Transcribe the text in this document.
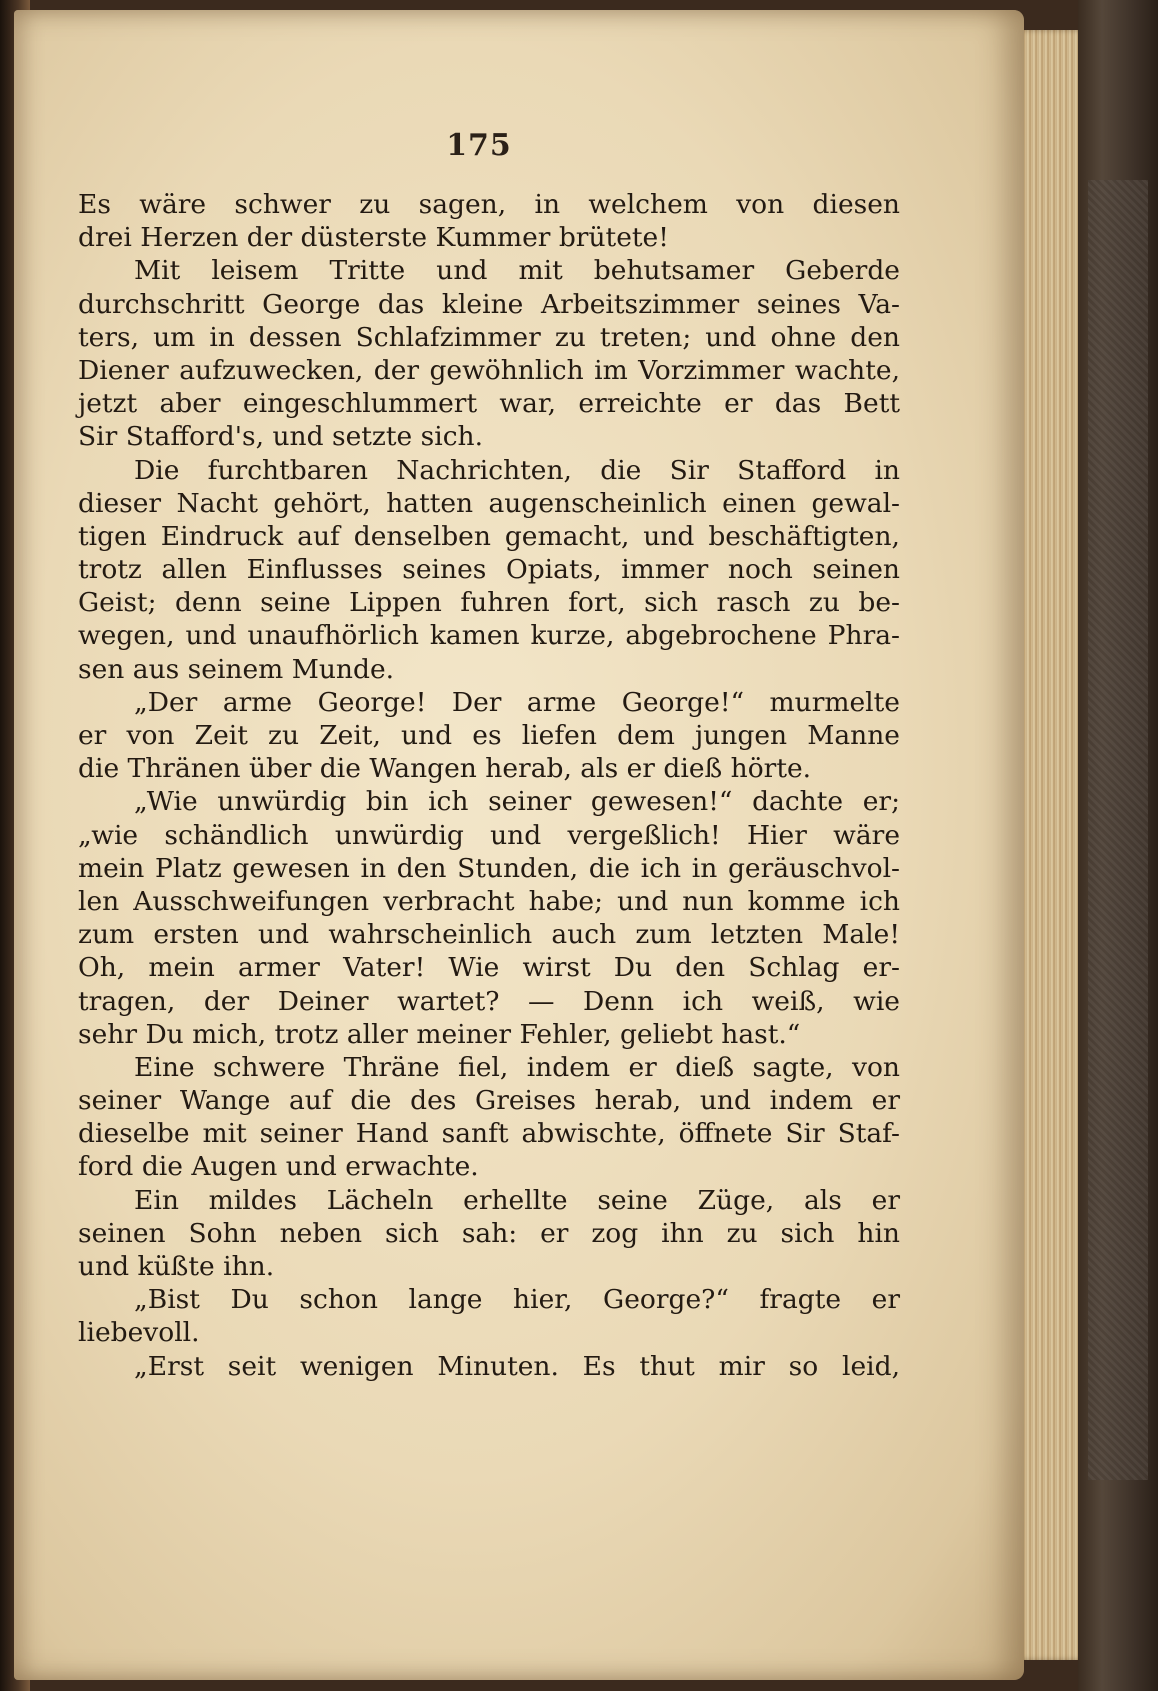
175
Es wäre schwer zu sagen, in welchem von diesen
drei Herzen der düsterste Kummer brütete!
Mit leisem Tritte und mit behutsamer Geberde
durchschritt George das kleine Arbeitszimmer seines Va-
ters, um in dessen Schlafzimmer zu treten; und ohne den
Diener aufzuwecken, der gewöhnlich im Vorzimmer wachte,
jetzt aber eingeschlummert war, erreichte er das Bett
Sir Stafford's, und setzte sich.
Die furchtbaren Nachrichten, die Sir Stafford in
dieser Nacht gehört, hatten augenscheinlich einen gewal-
tigen Eindruck auf denselben gemacht, und beschäftigten,
trotz allen Einflusses seines Opiats, immer noch seinen
Geist; denn seine Lippen fuhren fort, sich rasch zu be-
wegen, und unaufhörlich kamen kurze, abgebrochene Phra-
sen aus seinem Munde.
„Der arme George! Der arme George!“ murmelte
er von Zeit zu Zeit, und es liefen dem jungen Manne
die Thränen über die Wangen herab, als er dieß hörte.
„Wie unwürdig bin ich seiner gewesen!“ dachte er;
„wie schändlich unwürdig und vergeßlich! Hier wäre
mein Platz gewesen in den Stunden, die ich in geräuschvol-
len Ausschweifungen verbracht habe; und nun komme ich
zum ersten und wahrscheinlich auch zum letzten Male!
Oh, mein armer Vater! Wie wirst Du den Schlag er-
tragen, der Deiner wartet? — Denn ich weiß, wie
sehr Du mich, trotz aller meiner Fehler, geliebt hast.“
Eine schwere Thräne fiel, indem er dieß sagte, von
seiner Wange auf die des Greises herab, und indem er
dieselbe mit seiner Hand sanft abwischte, öffnete Sir Staf-
ford die Augen und erwachte.
Ein mildes Lächeln erhellte seine Züge, als er
seinen Sohn neben sich sah: er zog ihn zu sich hin
und küßte ihn.
„Bist Du schon lange hier, George?“ fragte er
liebevoll.
„Erst seit wenigen Minuten. Es thut mir so leid,
